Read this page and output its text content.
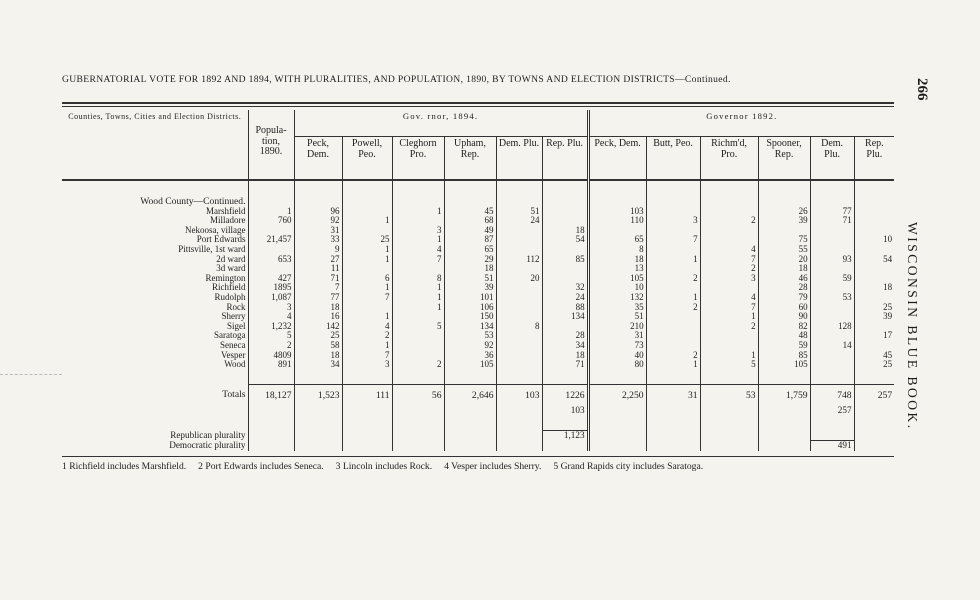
GUBERNATORIAL VOTE FOR 1892 AND 1894, WITH PLURALITIES, AND POPULATION, 1890, BY TOWNS AND ELECTION DISTRICTS—Continued.	266
WISCONSIN BLUE BOOK.
Counties, Towns, Cities and Election Districts.	Popula-tion, 1890.	Gov. rnor, 1894.						Governor 1892.					
		Peck, Dem.	Powell, Peo.	Cleghorn Pro.	Upham, Rep.	Dem. Plu.	Rep. Plu.	Peck, Dem.	Butt, Peo.	Richm'd, Pro.	Spooner, Rep.	Dem. Plu.	Rep. Plu.

Wood County—Continued.													
Marshfield	1	96		1	45	51		103			26	77	
Milladore	760	92	1		68	24		110	3	2	39	71	
Nekoosa, village		31		3	49		18						
Port Edwards	21,457	33	25	1	87		54	65	7		75		10
Pittsville, 1st ward		9	1	4	65			8		4	55		
2d ward	653	27	1	7	29	112	85	18	1	7	20	93	54
3d ward		11			18			13		2	18		
Remington	427	71	6	8	51	20		105	2	3	46	59	
Richfield	1895	7	1	1	39		32	10			28		18
Rudolph	1,087	77	7	1	101		24	132	1	4	79	53	
Rock	3	18		1	106		88	35	2	7	60		25
Sherry	4	16	1		150		134	51		1	90		39
Sigel	1,232	142	4	5	134	8		210		2	82	128	
Saratoga	5	25	2		53		28	31			48		17
Seneca	2	58	1		92		34	73			59	14	
Vesper	4809	18	7		36		18	40	2	1	85		45
Wood	891	34	3	2	105		71	80	1	5	105		25

Totals	18,127	1,523	111	56	2,646	103	1226	2,250	31	53	1,759	748	257
							103					257	

Republican plurality							1,123						
Democratic plurality												491	
1 Richfield includes Marshfield. 2 Port Edwards includes Seneca. 3 Lincoln includes Rock. 4 Vesper includes Sherry. 5 Grand Rapids city includes Saratoga.
